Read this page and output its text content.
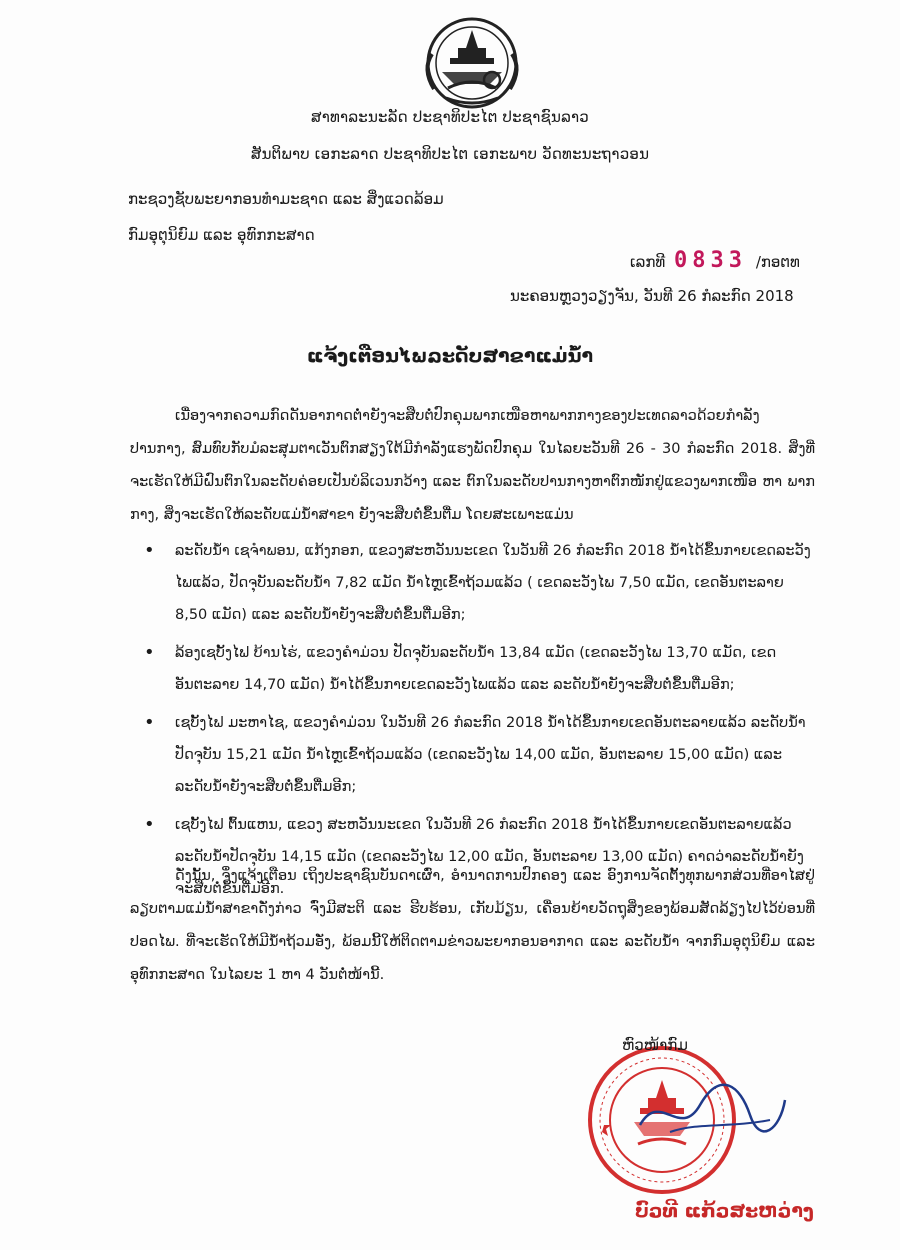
ສາທາລະນະລັດ ປະຊາທິປະໄຕ ປະຊາຊົນລາວ
ສັນຕິພາບ ເອກະລາດ ປະຊາທິປະໄຕ ເອກະພາບ ວັດທະນະຖາວອນ
ກະຊວງຊັບພະຍາກອນທຳມະຊາດ ແລະ ສິ່ງແວດລ້ອມ
ກົມອຸຕຸນິຍົມ ແລະ ອຸທົກກະສາດ
ເລກທີ 0833 /ກອຕທ
ນະຄອນຫຼວງວຽງຈັນ, ວັນທີ 26 ກໍລະກົດ 2018
ແຈ້ງເຕືອນໄພລະດັບສາຂາແມ່ນ້ຳ
ເນື່ອງຈາກຄວາມກົດດັນອາກາດຕ່ຳຍັງຈະສືບຕໍ່ປົກຄຸມພາກເໜືອຫາພາກກາງຂອງປະເທດລາວດ້ວຍກຳລັງປານກາງ, ສົມທົບກັບມໍລະສຸມຕາເວັນຕົກສຽງໃຕ້ມີກຳລັງແຮງພັດປົກຄຸມ ໃນໄລຍະວັນທີ 26 - 30 ກໍລະກົດ 2018. ສິ່ງທີ່ຈະເຮັດໃຫ້ມີຝົນຕົກໃນລະດັບຄ່ອຍເປັນບໍລິເວນກວ້າງ ແລະ ຕົກໃນລະດັບປານກາງຫາຕົກໜັກຢູ່ແຂວງພາກເໜືອ ຫາ ພາກກາງ, ສິ່ງຈະເຮັດໃຫ້ລະດັບແມ່ນ້ຳສາຂາ ຍັງຈະສືບຕໍ່ຂຶ້ນຕື່ມ ໂດຍສະເພາະແມ່ນ
• ລະດັບນ້ຳ ເຊຈຳພອນ, ແກ້ງກອກ, ແຂວງສະຫວັນນະເຂດ ໃນວັນທີ 26 ກໍລະກົດ 2018 ນ້ຳໄດ້ຂຶ້ນກາຍເຂດລະວັງໄພແລ້ວ, ປັດຈຸບັນລະດັບນ້ຳ 7,82 ແມັດ ນ້ຳໄຫຼເຂົ້າຖ້ວມແລ້ວ ( ເຂດລະວັງໄພ 7,50 ແມັດ, ເຂດອັນຕະລາຍ 8,50 ແມັດ) ແລະ ລະດັບນ້ຳຍັງຈະສືບຕໍ່ຂຶ້ນຕື່ມອີກ;
• ລ້ອງເຊບັ້ງໄຟ ບ້ານໄຮ່, ແຂວງຄຳມ່ວນ ປັດຈຸບັນລະດັບນ້ຳ 13,84 ແມັດ (ເຂດລະວັງໄພ 13,70 ແມັດ, ເຂດອັນຕະລາຍ 14,70 ແມັດ) ນ້ຳໄດ້ຂຶ້ນກາຍເຂດລະວັງໄພແລ້ວ ແລະ ລະດັບນ້ຳຍັງຈະສືບຕໍ່ຂຶ້ນຕື່ມອີກ;
• ເຊບັ້ງໄຟ ມະຫາໄຊ, ແຂວງຄຳມ່ວນ ໃນວັນທີ 26 ກໍລະກົດ 2018 ນ້ຳໄດ້ຂຶ້ນກາຍເຂດອັນຕະລາຍແລ້ວ ລະດັບນ້ຳປັດຈຸບັນ 15,21 ແມັດ ນ້ຳໄຫຼເຂົ້າຖ້ວມແລ້ວ (ເຂດລະວັງໄພ 14,00 ແມັດ, ອັນຕະລາຍ 15,00 ແມັດ) ແລະ ລະດັບນ້ຳຍັງຈະສືບຕໍ່ຂຶ້ນຕື່ມອີກ;
• ເຊບັ້ງໄຟ ຕົ້ນແຫນ, ແຂວງ ສະຫວັນນະເຂດ ໃນວັນທີ 26 ກໍລະກົດ 2018 ນ້ຳໄດ້ຂຶ້ນກາຍເຂດອັນຕະລາຍແລ້ວ ລະດັບນ້ຳປັດຈຸບັນ 14,15 ແມັດ (ເຂດລະວັງໄພ 12,00 ແມັດ, ອັນຕະລາຍ 13,00 ແມັດ) ຄາດວ່າລະດັບນ້ຳຍັງຈະສືບຕໍ່ຂຶ້ນຕື່ມອີກ.
ດັ່ງນັ້ນ, ຈຶ່ງແຈ້ງເຕືອນ ເຖິງປະຊາຊົນບັນດາເຜົ່າ, ອຳນາດການປົກຄອງ ແລະ ອົງການຈັດຕັ້ງທຸກພາກສ່ວນທີ່ອາໄສຢູ່ລຽບຕາມແມ່ນ້ຳສາຂາດັ່ງກ່າວ ຈົ່ງມີສະຕິ ແລະ ຮີບຮ້ອນ, ເກັບມ້ຽນ, ເຄື່ອນຍ້າຍວັດຖຸສິ່ງຂອງພ້ອມສັດລ້ຽງໄປໄວ້ບ່ອນທີ່ປອດໄພ. ທີ່ຈະເຮັດໃຫ້ມີນ້ຳຖ້ວມອັ່ງ, ພ້ອມນີ້ໃຫ້ຕິດຕາມຂ່າວພະຍາກອນອາກາດ ແລະ ລະດັບນ້ຳ ຈາກກົມອຸຕຸນິຍົມ ແລະ ອຸທົກກະສາດ ໃນໄລຍະ 1 ຫາ 4 ວັນຕໍ່ໜ້ານີ້.
ຫົວໜ້າກົມ
ບົວທີ ແກ້ວສະຫວ່າງ
